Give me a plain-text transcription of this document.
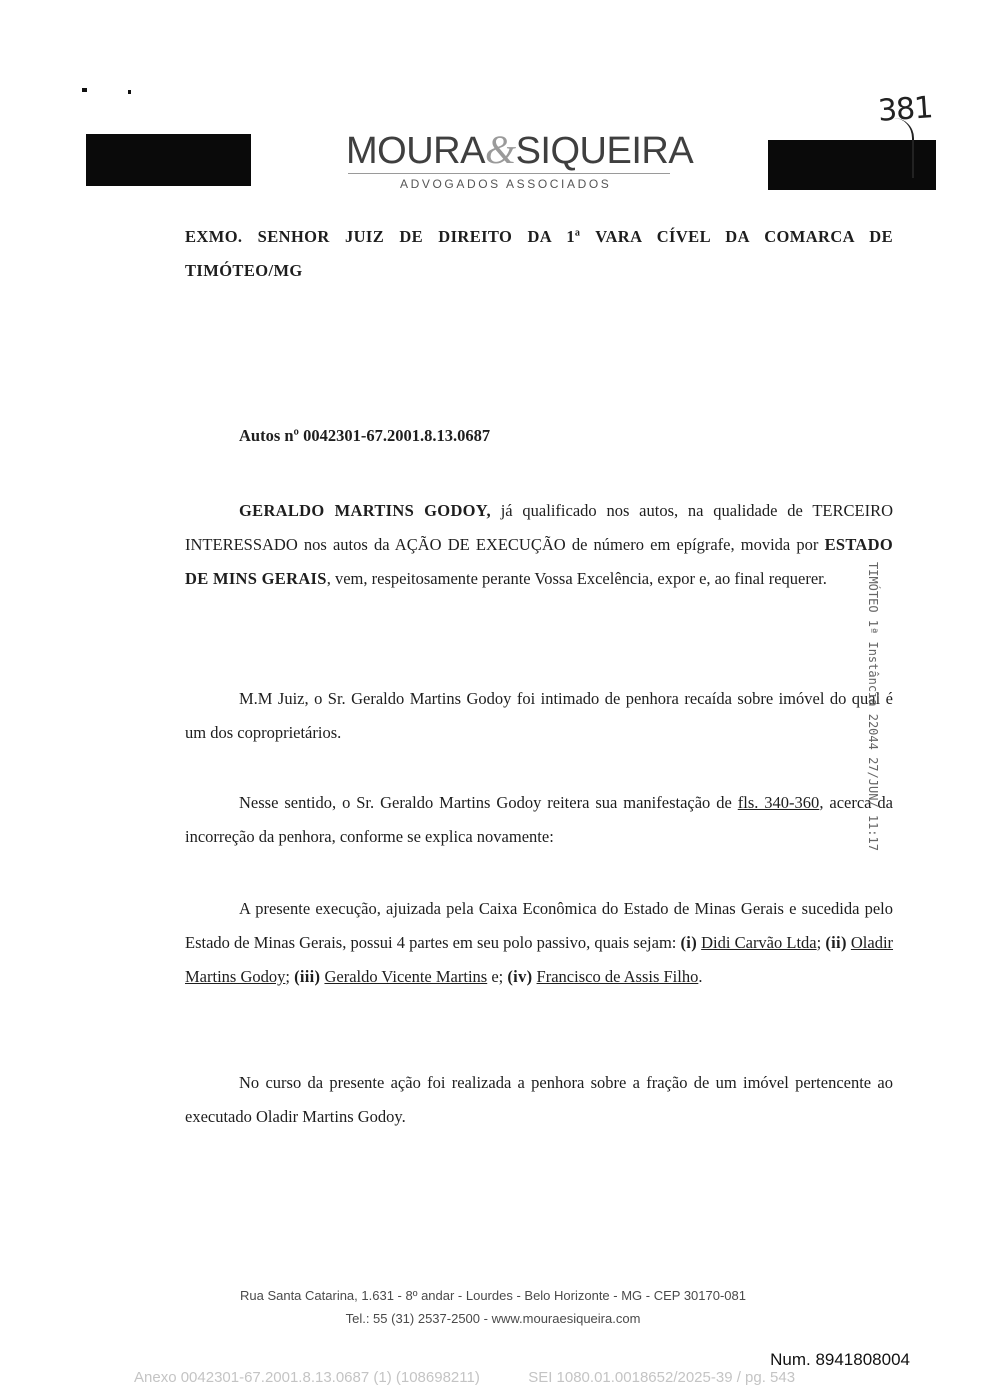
381
MOURA&SIQUEIRA
ADVOGADOS ASSOCIADOS
EXMO. SENHOR JUIZ DE DIREITO DA 1ª VARA CÍVEL DA COMARCA DE
TIMÓTEO/MG
Autos nº 0042301-67.2001.8.13.0687

GERALDO MARTINS GODOY, já qualificado nos autos, na qualidade de TERCEIRO INTERESSADO nos autos da AÇÃO DE EXECUÇÃO de número em epígrafe, movida por ESTADO DE MINS GERAIS, vem, respeitosamente perante Vossa Excelência, expor e, ao final requerer.

M.M Juiz, o Sr. Geraldo Martins Godoy foi intimado de penhora recaída sobre imóvel do qual é um dos coproprietários.

Nesse sentido, o Sr. Geraldo Martins Godoy reitera sua manifestação de fls. 340-360, acerca da incorreção da penhora, conforme se explica novamente:

A presente execução, ajuizada pela Caixa Econômica do Estado de Minas Gerais e sucedida pelo Estado de Minas Gerais, possui 4 partes em seu polo passivo, quais sejam: (i) Didi Carvão Ltda; (ii) Oladir Martins Godoy; (iii) Geraldo Vicente Martins e; (iv) Francisco de Assis Filho.

No curso da presente ação foi realizada a penhora sobre a fração de um imóvel pertencente ao executado Oladir Martins Godoy.

TIMÓTEO 1ª Instância 22044 27/JUN/ 11:17
Rua Santa Catarina, 1.631 - 8º andar - Lourdes - Belo Horizonte - MG - CEP 30170-081
Tel.: 55 (31) 2537-2500 - www.mouraesiqueira.com
Num. 8941808004
Anexo 0042301-67.2001.8.13.0687 (1) (108698211)	SEI 1080.01.0018652/2025-39 / pg. 543
